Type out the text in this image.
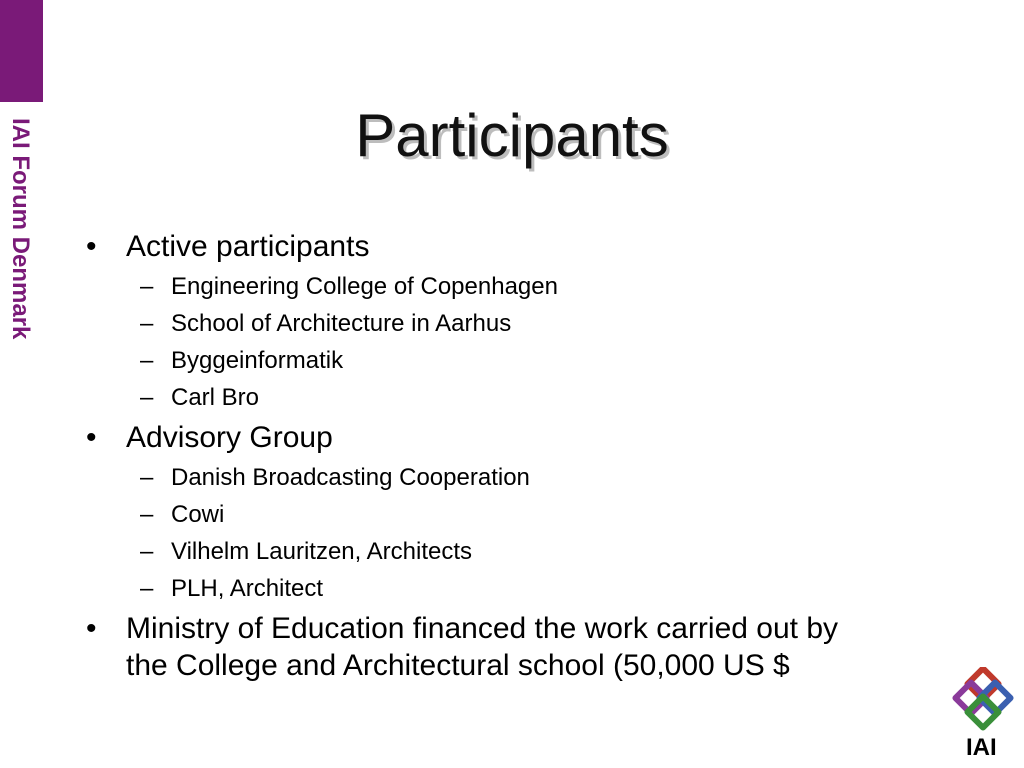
IAI Forum Denmark	Participants
• Active participants
– Engineering College of Copenhagen
– School of Architecture in Aarhus
– Byggeinformatik
– Carl Bro
• Advisory Group
– Danish Broadcasting Cooperation
– Cowi
– Vilhelm Lauritzen, Architects
– PLH, Architect
• Ministry of Education financed the work carried out by
the College and Architectural school (50,000 US $
IAI
